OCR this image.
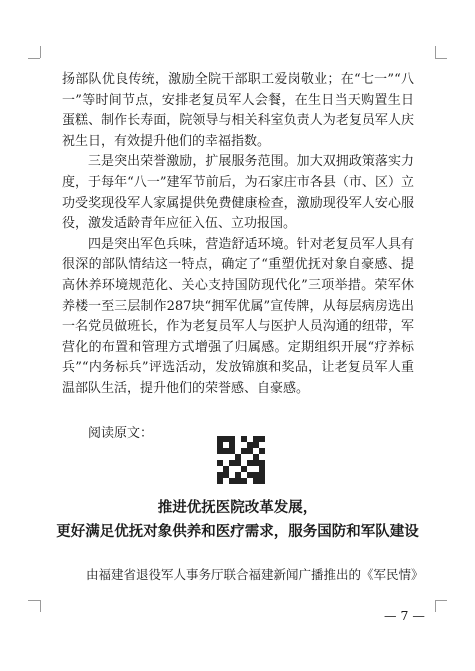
扬部队优良传统，激励全院干部职工爱岗敬业；在“七一”“八一”等时间节点，安排老复员军人会餐，在生日当天购置生日蛋糕、制作长寿面，院领导与相关科室负责人为老复员军人庆祝生日，有效提升他们的幸福指数。

三是突出荣誉激励，扩展服务范围。加大双拥政策落实力度，于每年“八一”建军节前后，为石家庄市各县（市、区）立功受奖现役军人家属提供免费健康检查，激励现役军人安心服役，激发适龄青年应征入伍、立功报国。

四是突出军色兵味，营造舒适环境。针对老复员军人具有很深的部队情结这一特点，确定了“重塑优抚对象自豪感、提高休养环境规范化、关心支持国防现代化”三项举措。荣军休养楼一至三层制作287块“拥军优属”宣传牌，从每层病房选出一名党员做班长，作为老复员军人与医护人员沟通的纽带，军营化的布置和管理方式增强了归属感。定期组织开展“疗养标兵”“内务标兵”评选活动，发放锦旗和奖品，让老复员军人重温部队生活，提升他们的荣誉感、自豪感。

阅读原文：
推进优抚医院改革发展，
更好满足优抚对象供养和医疗需求，服务国防和军队建设
由福建省退役军人事务厅联合福建新闻广播推出的《军民情》
— 7 —
